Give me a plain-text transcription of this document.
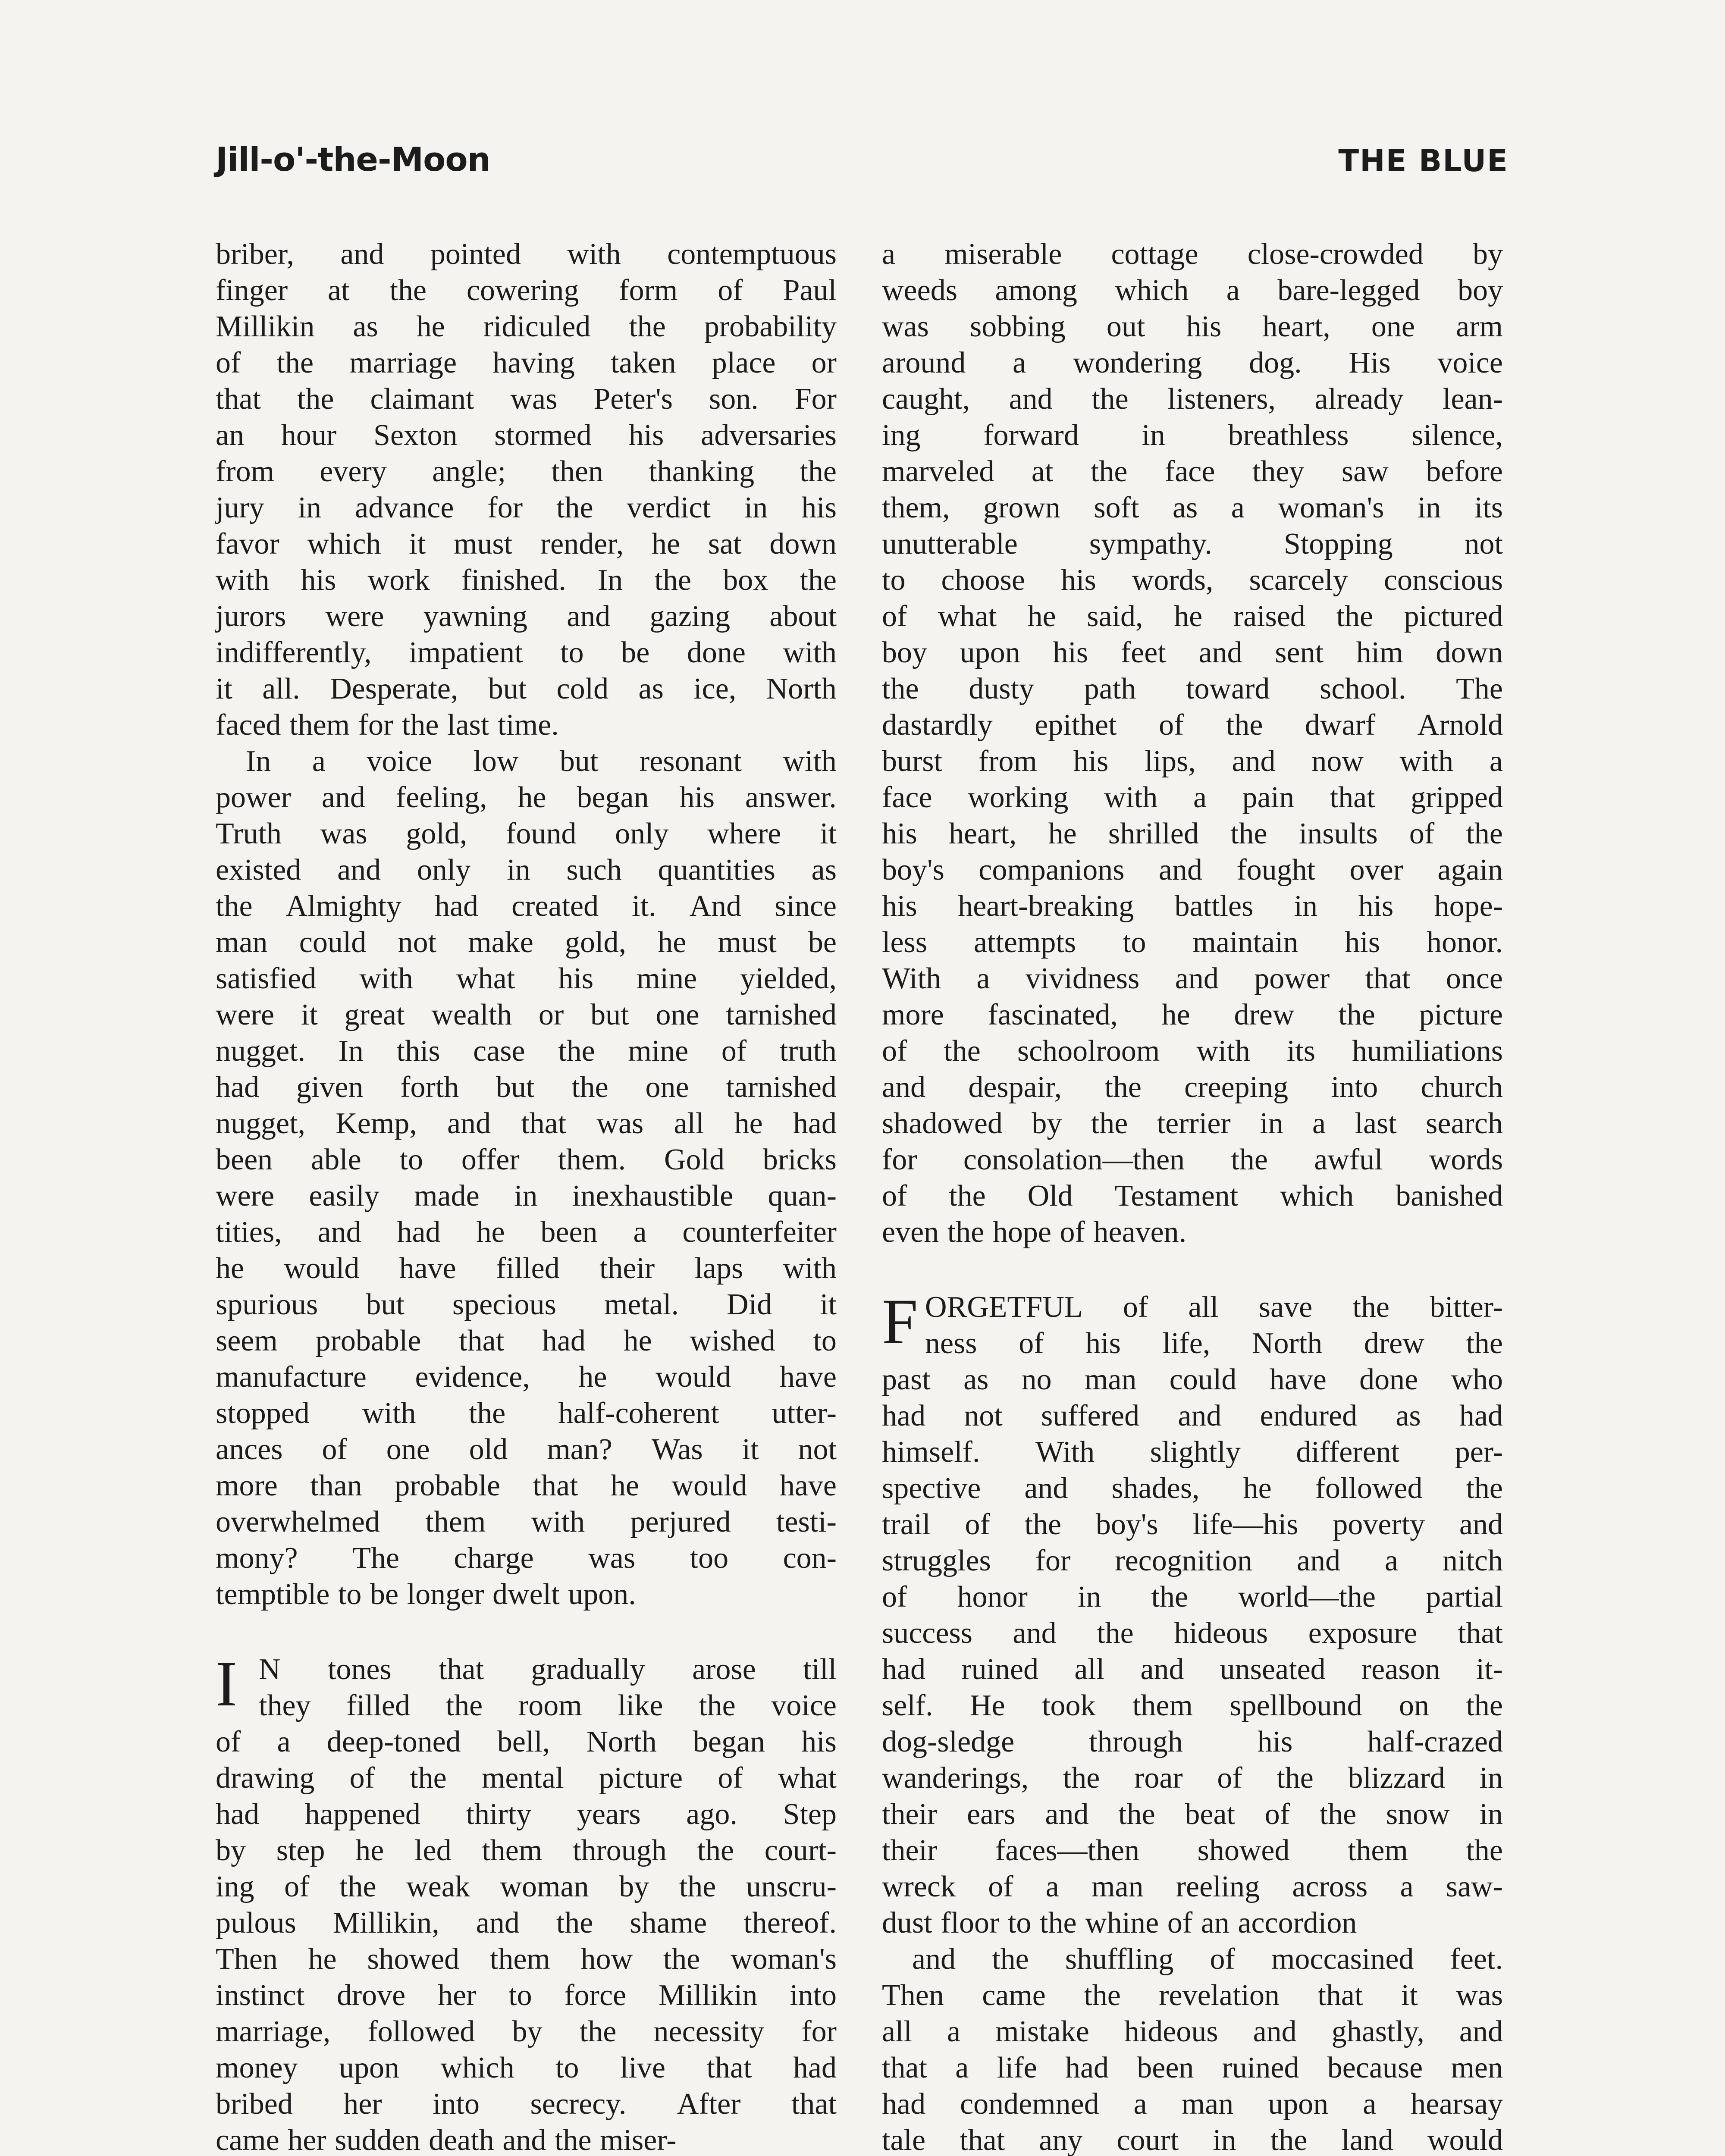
Jill-o'-the-Moon	THE BLUE
briber, and pointed with contemptuous
finger at the cowering form of Paul
Millikin as he ridiculed the probability
of the marriage having taken place or
that the claimant was Peter's son. For
an hour Sexton stormed his adversaries
from every angle; then thanking the
jury in advance for the verdict in his
favor which it must render, he sat down
with his work finished. In the box the
jurors were yawning and gazing about
indifferently, impatient to be done with
it all. Desperate, but cold as ice, North
faced them for the last time.
In a voice low but resonant with
power and feeling, he began his answer.
Truth was gold, found only where it
existed and only in such quantities as
the Almighty had created it. And since
man could not make gold, he must be
satisfied with what his mine yielded,
were it great wealth or but one tarnished
nugget. In this case the mine of truth
had given forth but the one tarnished
nugget, Kemp, and that was all he had
been able to offer them. Gold bricks
were easily made in inexhaustible quan-
tities, and had he been a counterfeiter
he would have filled their laps with
spurious but specious metal. Did it
seem probable that had he wished to
manufacture evidence, he would have
stopped with the half-coherent utter-
ances of one old man? Was it not
more than probable that he would have
overwhelmed them with perjured testi-
mony? The charge was too con-
temptible to be longer dwelt upon.
I N tones that gradually arose till
they filled the room like the voice
of a deep-toned bell, North began his
drawing of the mental picture of what
had happened thirty years ago. Step
by step he led them through the court-
ing of the weak woman by the unscru-
pulous Millikin, and the shame thereof.
Then he showed them how the woman's
instinct drove her to force Millikin into
marriage, followed by the necessity for
money upon which to live that had
bribed her into secrecy. After that
came her sudden death and the miser-
a miserable cottage close-crowded by
weeds among which a bare-legged boy
was sobbing out his heart, one arm
around a wondering dog. His voice
caught, and the listeners, already lean-
ing forward in breathless silence,
marveled at the face they saw before
them, grown soft as a woman's in its
unutterable sympathy. Stopping not
to choose his words, scarcely conscious
of what he said, he raised the pictured
boy upon his feet and sent him down
the dusty path toward school. The
dastardly epithet of the dwarf Arnold
burst from his lips, and now with a
face working with a pain that gripped
his heart, he shrilled the insults of the
boy's companions and fought over again
his heart-breaking battles in his hope-
less attempts to maintain his honor.
With a vividness and power that once
more fascinated, he drew the picture
of the schoolroom with its humiliations
and despair, the creeping into church
shadowed by the terrier in a last search
for consolation—then the awful words
of the Old Testament which banished
even the hope of heaven.
F ORGETFUL of all save the bitter-
ness of his life, North drew the
past as no man could have done who
had not suffered and endured as had
himself. With slightly different per-
spective and shades, he followed the
trail of the boy's life—his poverty and
struggles for recognition and a nitch
of honor in the world—the partial
success and the hideous exposure that
had ruined all and unseated reason it-
self. He took them spellbound on the
dog-sledge through his half-crazed
wanderings, the roar of the blizzard in
their ears and the beat of the snow in
their faces—then showed them the
wreck of a man reeling across a saw-
dust floor to the whine of an accordion
and the shuffling of moccasined feet.
Then came the revelation that it was
all a mistake hideous and ghastly, and
that a life had been ruined because men
had condemned a man upon a hearsay
tale that any court in the land would
